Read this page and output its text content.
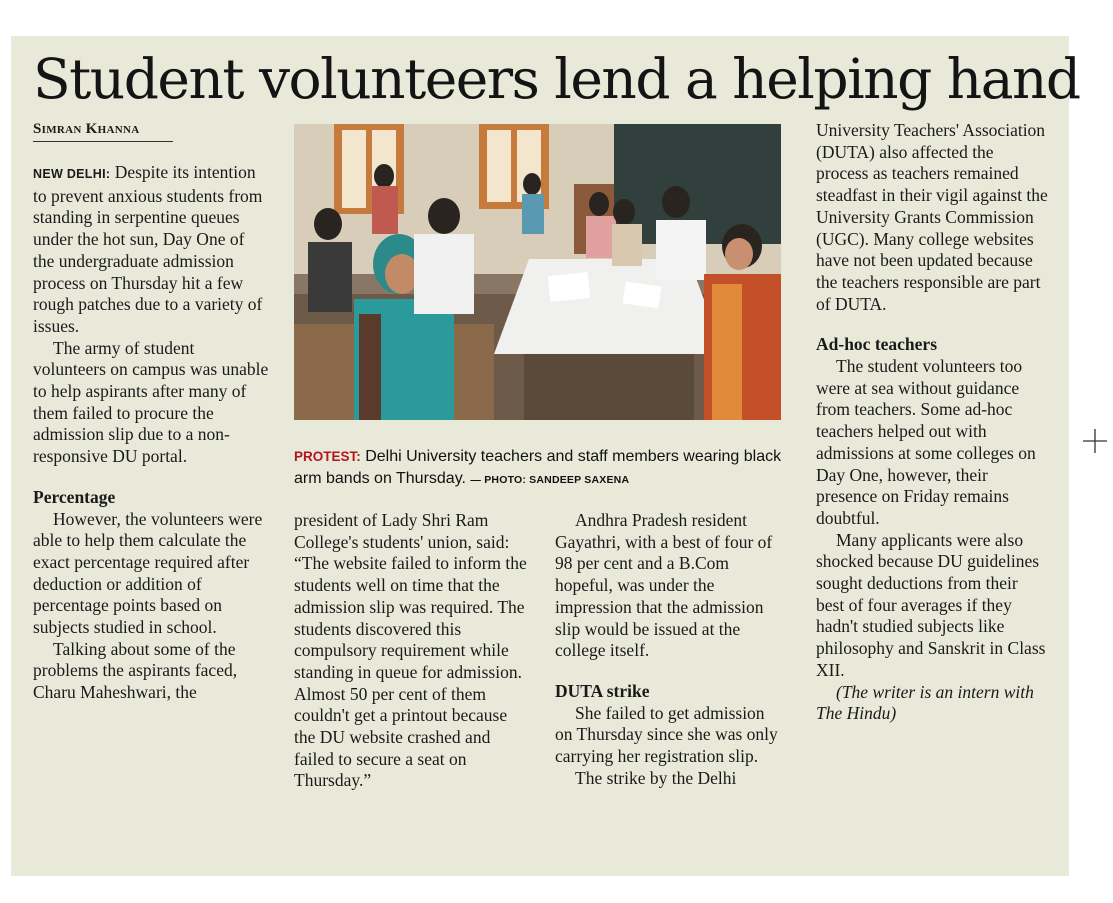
Student volunteers lend a helping hand
Simran Khanna

NEW DELHI: Despite its intention to prevent anxious students from standing in serpentine queues under the hot sun, Day One of the undergraduate admission process on Thursday hit a few rough patches due to a variety of issues.

The army of student volunteers on campus was unable to help aspirants after many of them failed to procure the admission slip due to a non-responsive DU portal.

Percentage

However, the volunteers were able to help them calculate the exact percentage required after deduction or addition of percentage points based on subjects studied in school.

Talking about some of the problems the aspirants faced, Charu Maheshwari, the

PROTEST: Delhi University teachers and staff members wearing black arm bands on Thursday. — PHOTO: SANDEEP SAXENA

president of Lady Shri Ram College's students' union, said: “The website failed to inform the students well on time that the admission slip was required. The students discovered this compulsory requirement while standing in queue for admission. Almost 50 per cent of them couldn't get a printout because the DU website crashed and failed to secure a seat on Thursday.”

Andhra Pradesh resident Gayathri, with a best of four of 98 per cent and a B.Com hopeful, was under the impression that the admission slip would be issued at the college itself.

DUTA strike

She failed to get admission on Thursday since she was only carrying her registration slip.

The strike by the Delhi

University Teachers' Association (DUTA) also affected the process as teachers remained steadfast in their vigil against the University Grants Commission (UGC). Many college websites have not been updated because the teachers responsible are part of DUTA.

Ad-hoc teachers

The student volunteers too were at sea without guidance from teachers. Some ad-hoc teachers helped out with admissions at some colleges on Day One, however, their presence on Friday remains doubtful.

Many applicants were also shocked because DU guidelines sought deductions from their best of four averages if they hadn't studied subjects like philosophy and Sanskrit in Class XII.

(The writer is an intern with The Hindu)
